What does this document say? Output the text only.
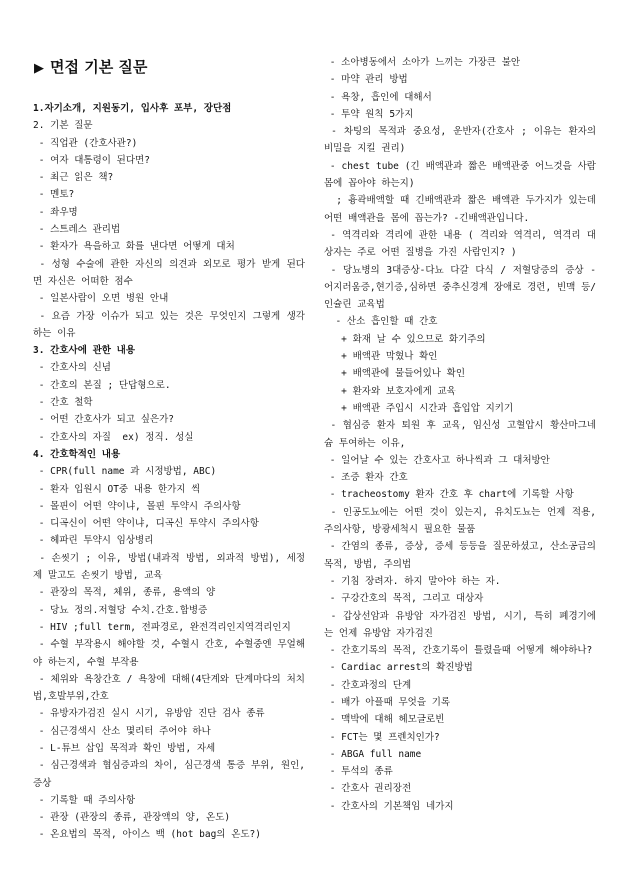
▶ 면접 기본 질문
1.자기소개, 지원동기, 입사후 포부, 장단점
2. 기본 질문
- 직업관 (간호사관?)
- 여자 대통령이 된다면?
- 최근 읽은 책?
- 멘토?
- 좌우명
- 스트레스 관리법
- 환자가 욕을하고 화를 낸다면 어떻게 대처
- 성형 수술에 관한 자신의 의견과 외모로 평가 받게 된다면 자신은 어떠한 점수
- 일본사람이 오면 병원 안내
- 요즘 가장 이슈가 되고 있는 것은 무엇인지 그렇게 생각하는 이유
3. 간호사에 관한 내용
- 간호사의 신념
- 간호의 본질 ; 단답형으로.
- 간호 철학
- 어떤 간호사가 되고 싶은가?
- 간호사의 자질  ex) 정직. 성실
4. 간호학적인 내용
- CPR(full name 과 시정방법, ABC)
- 환자 입원시 OT중 내용 한가지 씩
- 몰핀이 어떤 약이냐, 몰핀 투약시 주의사항
- 디곡신이 어떤 약이냐, 디곡신 투약시 주의사항
- 헤파린 투약시 임상병리
- 손씻기 ; 이유, 방법(내과적 방법, 외과적 방법), 세정제 말고도 손씻기 방법, 교육
- 관장의 목적, 체위, 종류, 용액의 양
- 당뇨 정의.저혈당 수치.간호.합병증
- HIV ;full term, 전파경로, 완전격리인지역격리인지
- 수혈 부작용시 해야할 것, 수혈시 간호, 수혈중엔 무얼해야 하는지, 수혈 부작용
- 체위와 욕창간호 / 욕창에 대해(4단계와 단계마다의 처치법,호발부위,간호
- 유방자가검진 실시 시기, 유방암 진단 검사 종류
- 심근경색시 산소 몇리터 주어야 하나
- L-튜브 삽입 목적과 확인 방법, 자세
- 심근경색과 협심증과의 차이, 심근경색 통증 부위, 원인, 증상
- 기록할 때 주의사항
- 관장 (관장의 종류, 관장액의 양, 온도)
- 온요법의 목적, 아이스 백 (hot bag의 온도?)
- 소아병동에서 소아가 느끼는 가장큰 불안
- 마약 관리 방법
- 욕창, 흡인에 대해서
- 투약 원칙 5가지
- 차팅의 목적과 중요성, 운반자(간호사 ; 이유는 환자의 비밀을 지킬 권리)
- chest tube (긴 배액관과 짧은 배액관중 어느것을 사람 몸에 꼽아야 하는지)
; 흉곽배액할 때 긴배액관과 짧은 배액관 두가지가 있는데 어떤 배액관을 몸에 꼽는가? -긴배액관입니다.
- 역격리와 격리에 관한 내용 ( 격리와 역격리, 역격리 대상자는 주로 어떤 질병을 가진 사람인지? )
- 당뇨병의 3대증상-다뇨 다갈 다식 / 저혈당증의 증상 -어지러움증,현기증,심하면 중추신경계 장애로 경련, 빈맥 등/ 인슐린 교육법
- 산소 흡인할 때 간호
+ 화재 날 수 있으므로 화기주의
+ 배액관 막혔나 확인
+ 배액관에 물들어있나 확인
+ 환자와 보호자에게 교육
+ 배액관 주입시 시간과 흡입압 지키기
- 협심증 환자 퇴원 후 교육, 임신성 고혈압시 황산마그네슘 투여하는 이유,
- 일어날 수 있는 간호사고 하나씩과 그 대처방안
- 조증 환자 간호
- tracheostomy 환자 간호 후 chart에 기록할 사항
- 인공도뇨에는 어떤 것이 있는지, 유치도뇨는 언제 적용, 주의사항, 방광세척시 필요한 물품
- 간염의 종류, 증상, 증세 등등을 질문하셨고, 산소공급의 목적, 방법, 주의법
- 기침 장려자. 하지 말아야 하는 자.
- 구강간호의 목적, 그리고 대상자
- 갑상선암과 유방암 자가검진 방법, 시기, 특히 폐경기에는 언제 유방암 자가검진
- 간호기록의 목적, 간호기록이 틀렸을때 어떻게 해야하나?
- Cardiac arrest의 확진방법
- 간호과정의 단계
- 배가 아플때 무엇을 기록
- 맥박에 대해 헤모글로빈
- FCT는 몇 프렌치인가?
- ABGA full name
- 투석의 종류
- 간호사 권리장전
- 간호사의 기본책임 네가지
